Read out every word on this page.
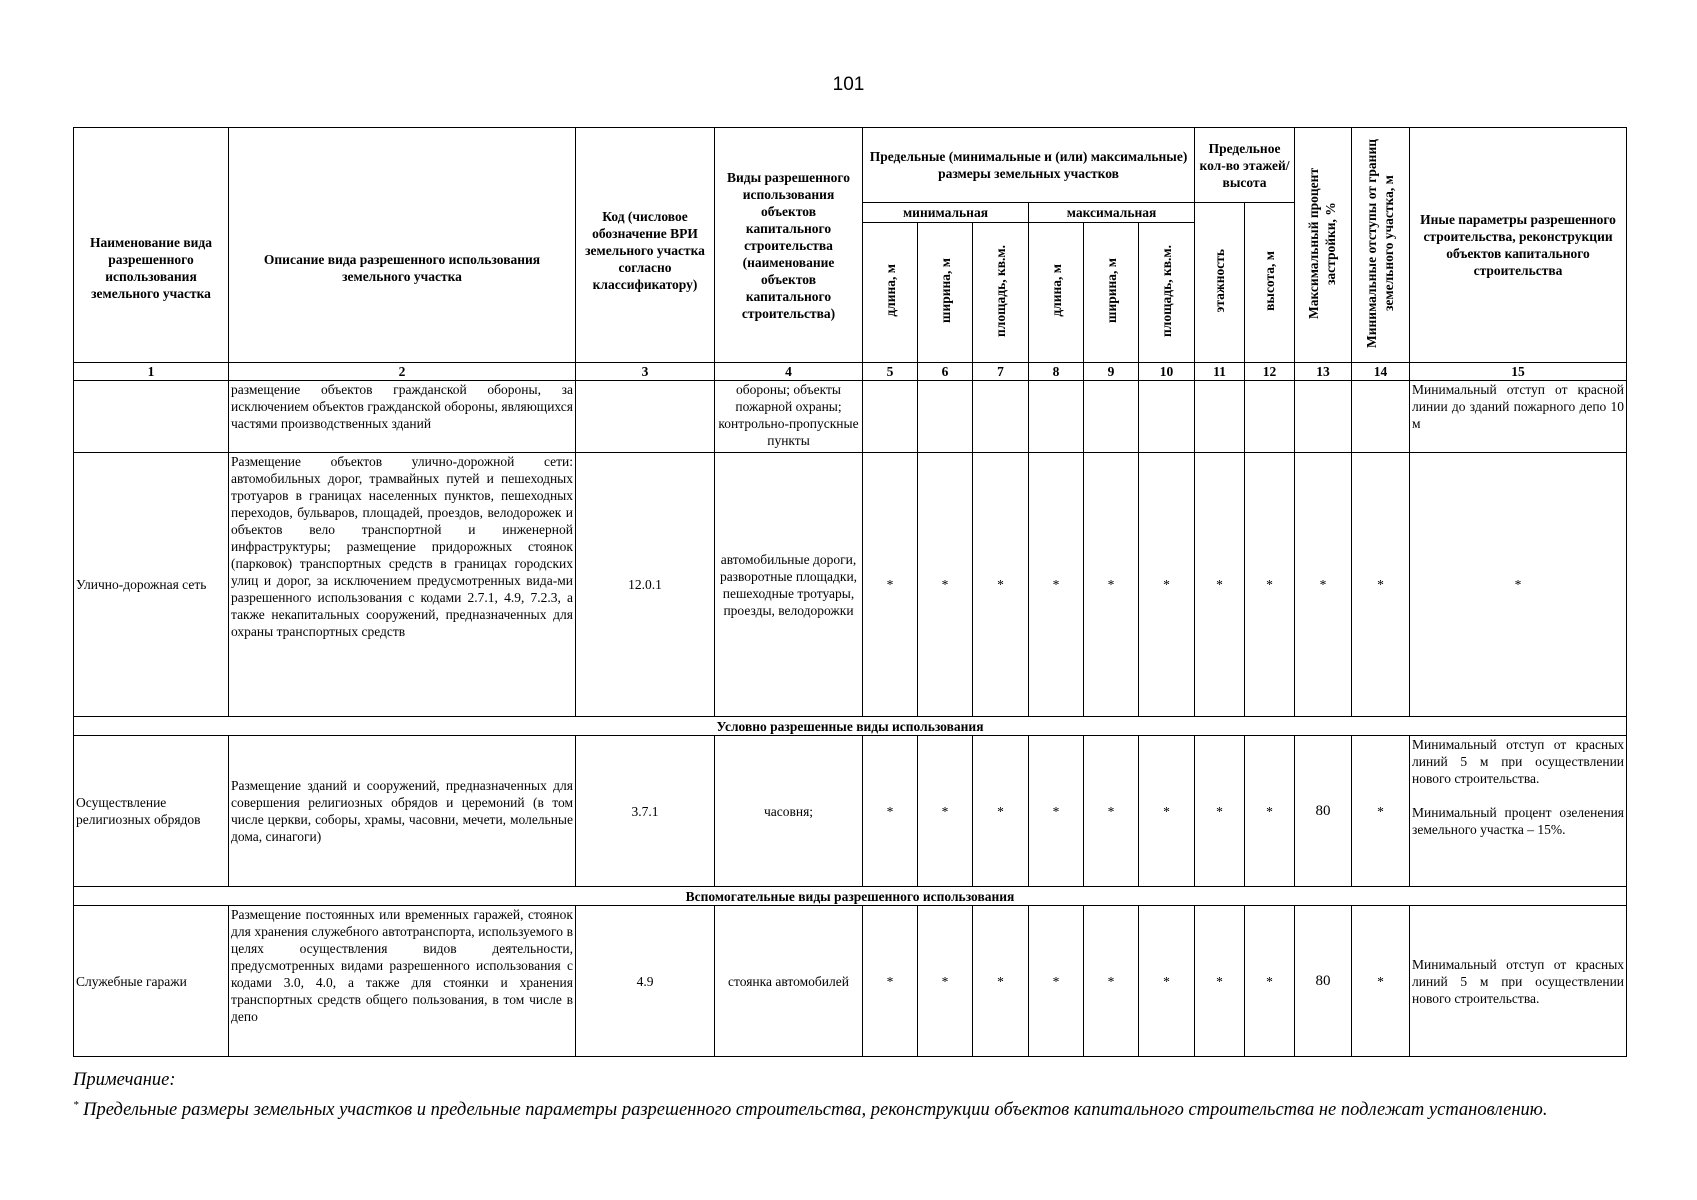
101
Наименование вида разрешенного использования земельного участка	Описание вида разрешенного использования земельного участка	Код (числовое обозначение ВРИ земельного участка согласно классификатору)	Виды разрешенного использования объектов капитального строительства (наименование объектов капитального строительства)	Предельные (минимальные и (или) максимальные) размеры земельных участков						Предельное кол-во этажей/ высота		Максимальный процент застройки, %	Минимальные отступы от границ земельного участка, м	Иные параметры разрешенного строительства, реконструкции объектов капитального строительства
				минимальная			максимальная			этажность	высота, м			
				длина, м	ширина, м	площадь, кв.м.	длина, м	ширина, м	площадь, кв.м.					
1	2	3	4	5	6	7	8	9	10	11	12	13	14	15
	размещение объектов гражданской обороны, за исключением объектов гражданской обороны, являющихся частями производственных зданий		обороны; объекты пожарной охраны; контрольно-пропускные пункты											Минимальный отступ от красной линии до зданий пожарного депо 10 м
Улично-дорожная сеть	Размещение объектов улично-дорожной сети: автомобильных дорог, трамвайных путей и пешеходных тротуаров в границах населенных пунктов, пешеходных переходов, бульваров, площадей, проездов, велодорожек и объектов вело транспортной и инженерной инфраструктуры; размещение придорожных стоянок (парковок) транспортных средств в границах городских улиц и дорог, за исключением предусмотренных вида-ми разрешенного использования с кодами 2.7.1, 4.9, 7.2.3, а также некапитальных сооружений, предназначенных для охраны транспортных средств	12.0.1	автомобильные дороги, разворотные площадки, пешеходные тротуары, проезды, велодорожки	*	*	*	*	*	*	*	*	*	*	*
Условно разрешенные виды использования														
Осуществление религиозных обрядов	Размещение зданий и сооружений, предназначенных для совершения религиозных обрядов и церемоний (в том числе церкви, соборы, храмы, часовни, мечети, молельные дома, синагоги)	3.7.1	часовня;	*	*	*	*	*	*	*	*	80	*	Минимальный отступ от красных линий 5 м при осуществлении нового строительства.

Минимальный процент озеленения земельного участка – 15%.

Вспомогательные виды разрешенного использования														
Служебные гаражи	Размещение постоянных или временных гаражей, стоянок для хранения служебного автотранспорта, используемого в целях осуществления видов деятельности, предусмотренных видами разрешенного использования с кодами 3.0, 4.0, а также для стоянки и хранения транспортных средств общего пользования, в том числе в депо	4.9	стоянка автомобилей	*	*	*	*	*	*	*	*	80	*	Минимальный отступ от красных линий 5 м при осуществлении нового строительства.
Примечание:
* Предельные размеры земельных участков и предельные параметры разрешенного строительства, реконструкции объектов капитального строительства не подлежат установлению.
